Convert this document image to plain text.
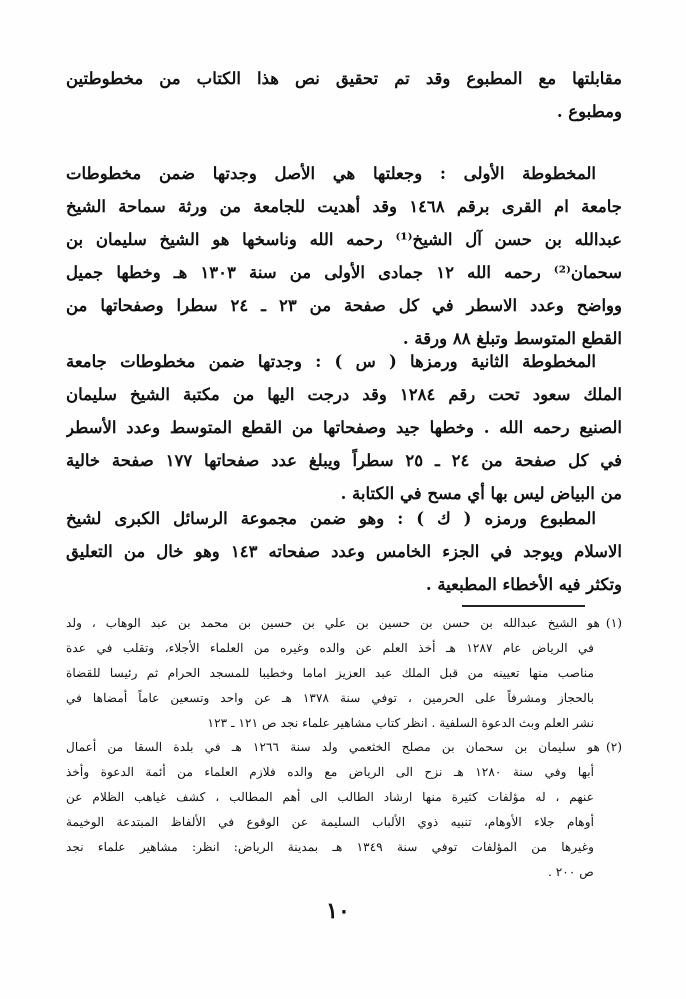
مقابلتها مع المطبوع وقد تم تحقيق نص هذا الكتاب من مخطوطتين
ومطبوع .
المخطوطة الأولى : وجعلتها هي الأصل وجدتها ضمن مخطوطات
جامعة ام القرى برقم ١٤٦٨ وقد أهديت للجامعة من ورثة سماحة الشيخ
عبدالله بن حسن آل الشيخ⁽¹⁾ رحمه الله وناسخها هو الشيخ سليمان بن
سحمان⁽²⁾ رحمه الله ١٢ جمادى الأولى من سنة ١٣٠٣ هـ وخطها جميل
وواضح وعدد الاسطر في كل صفحة من ٢٣ ـ ٢٤ سطرا وصفحاتها من
القطع المتوسط وتبلغ ٨٨ ورقة .
المخطوطة الثانية ورمزها ( س ) : وجدتها ضمن مخطوطات جامعة
الملك سعود تحت رقم ١٢٨٤ وقد درجت اليها من مكتبة الشيخ سليمان
الصنيع رحمه الله . وخطها جيد وصفحاتها من القطع المتوسط وعدد الأسطر
في كل صفحة من ٢٤ ـ ٢٥ سطراً ويبلغ عدد صفحاتها ١٧٧ صفحة خالية
من البياض ليس بها أي مسح في الكتابة .
المطبوع ورمزه ( ك ) : وهو ضمن مجموعة الرسائل الكبرى لشيخ
الاسلام ويوجد في الجزء الخامس وعدد صفحاته ١٤٣ وهو خال من التعليق
وتكثر فيه الأخطاء المطبعية .
(١)هو الشيخ عبدالله بن حسن بن حسين بن علي بن حسين بن محمد بن عبد الوهاب ، ولد
في الرياض عام ١٢٨٧ هـ أخذ العلم عن والده وغيره من العلماء الأجلاء، وتقلب في عدة
مناصب منها تعيينه من قبل الملك عبد العزيز اماما وخطيبا للمسجد الحرام ثم رئيسا للقضاة
بالحجاز ومشرفاً على الحرمين ، توفي سنة ١٣٧٨ هـ عن واحد وتسعين عاماً أمضاها في
نشر العلم وبث الدعوة السلفية . انظر كتاب مشاهير علماء نجد ص ١٢١ ـ ١٢٣
(٢)هو سليمان بن سحمان بن مصلح الخثعمي ولد سنة ١٢٦٦ هـ في بلدة السقا من أعمال
أبها وفي سنة ١٢٨٠ هـ نزح الى الرياض مع والده فلازم العلماء من أئمة الدعوة وأخذ
عنهم ، له مؤلفات كثيرة منها ارشاد الطالب الى أهم المطالب ، كشف غياهب الظلام عن
أوهام جلاء الأوهام، تنبيه ذوي الألباب السليمة عن الوقوع في الألفاظ المبتدعة الوخيمة
وغيرها من المؤلفات توفي سنة ١٣٤٩ هـ بمدينة الرياض: انظر: مشاهير علماء نجد
ص ٢٠٠ .
١٠
